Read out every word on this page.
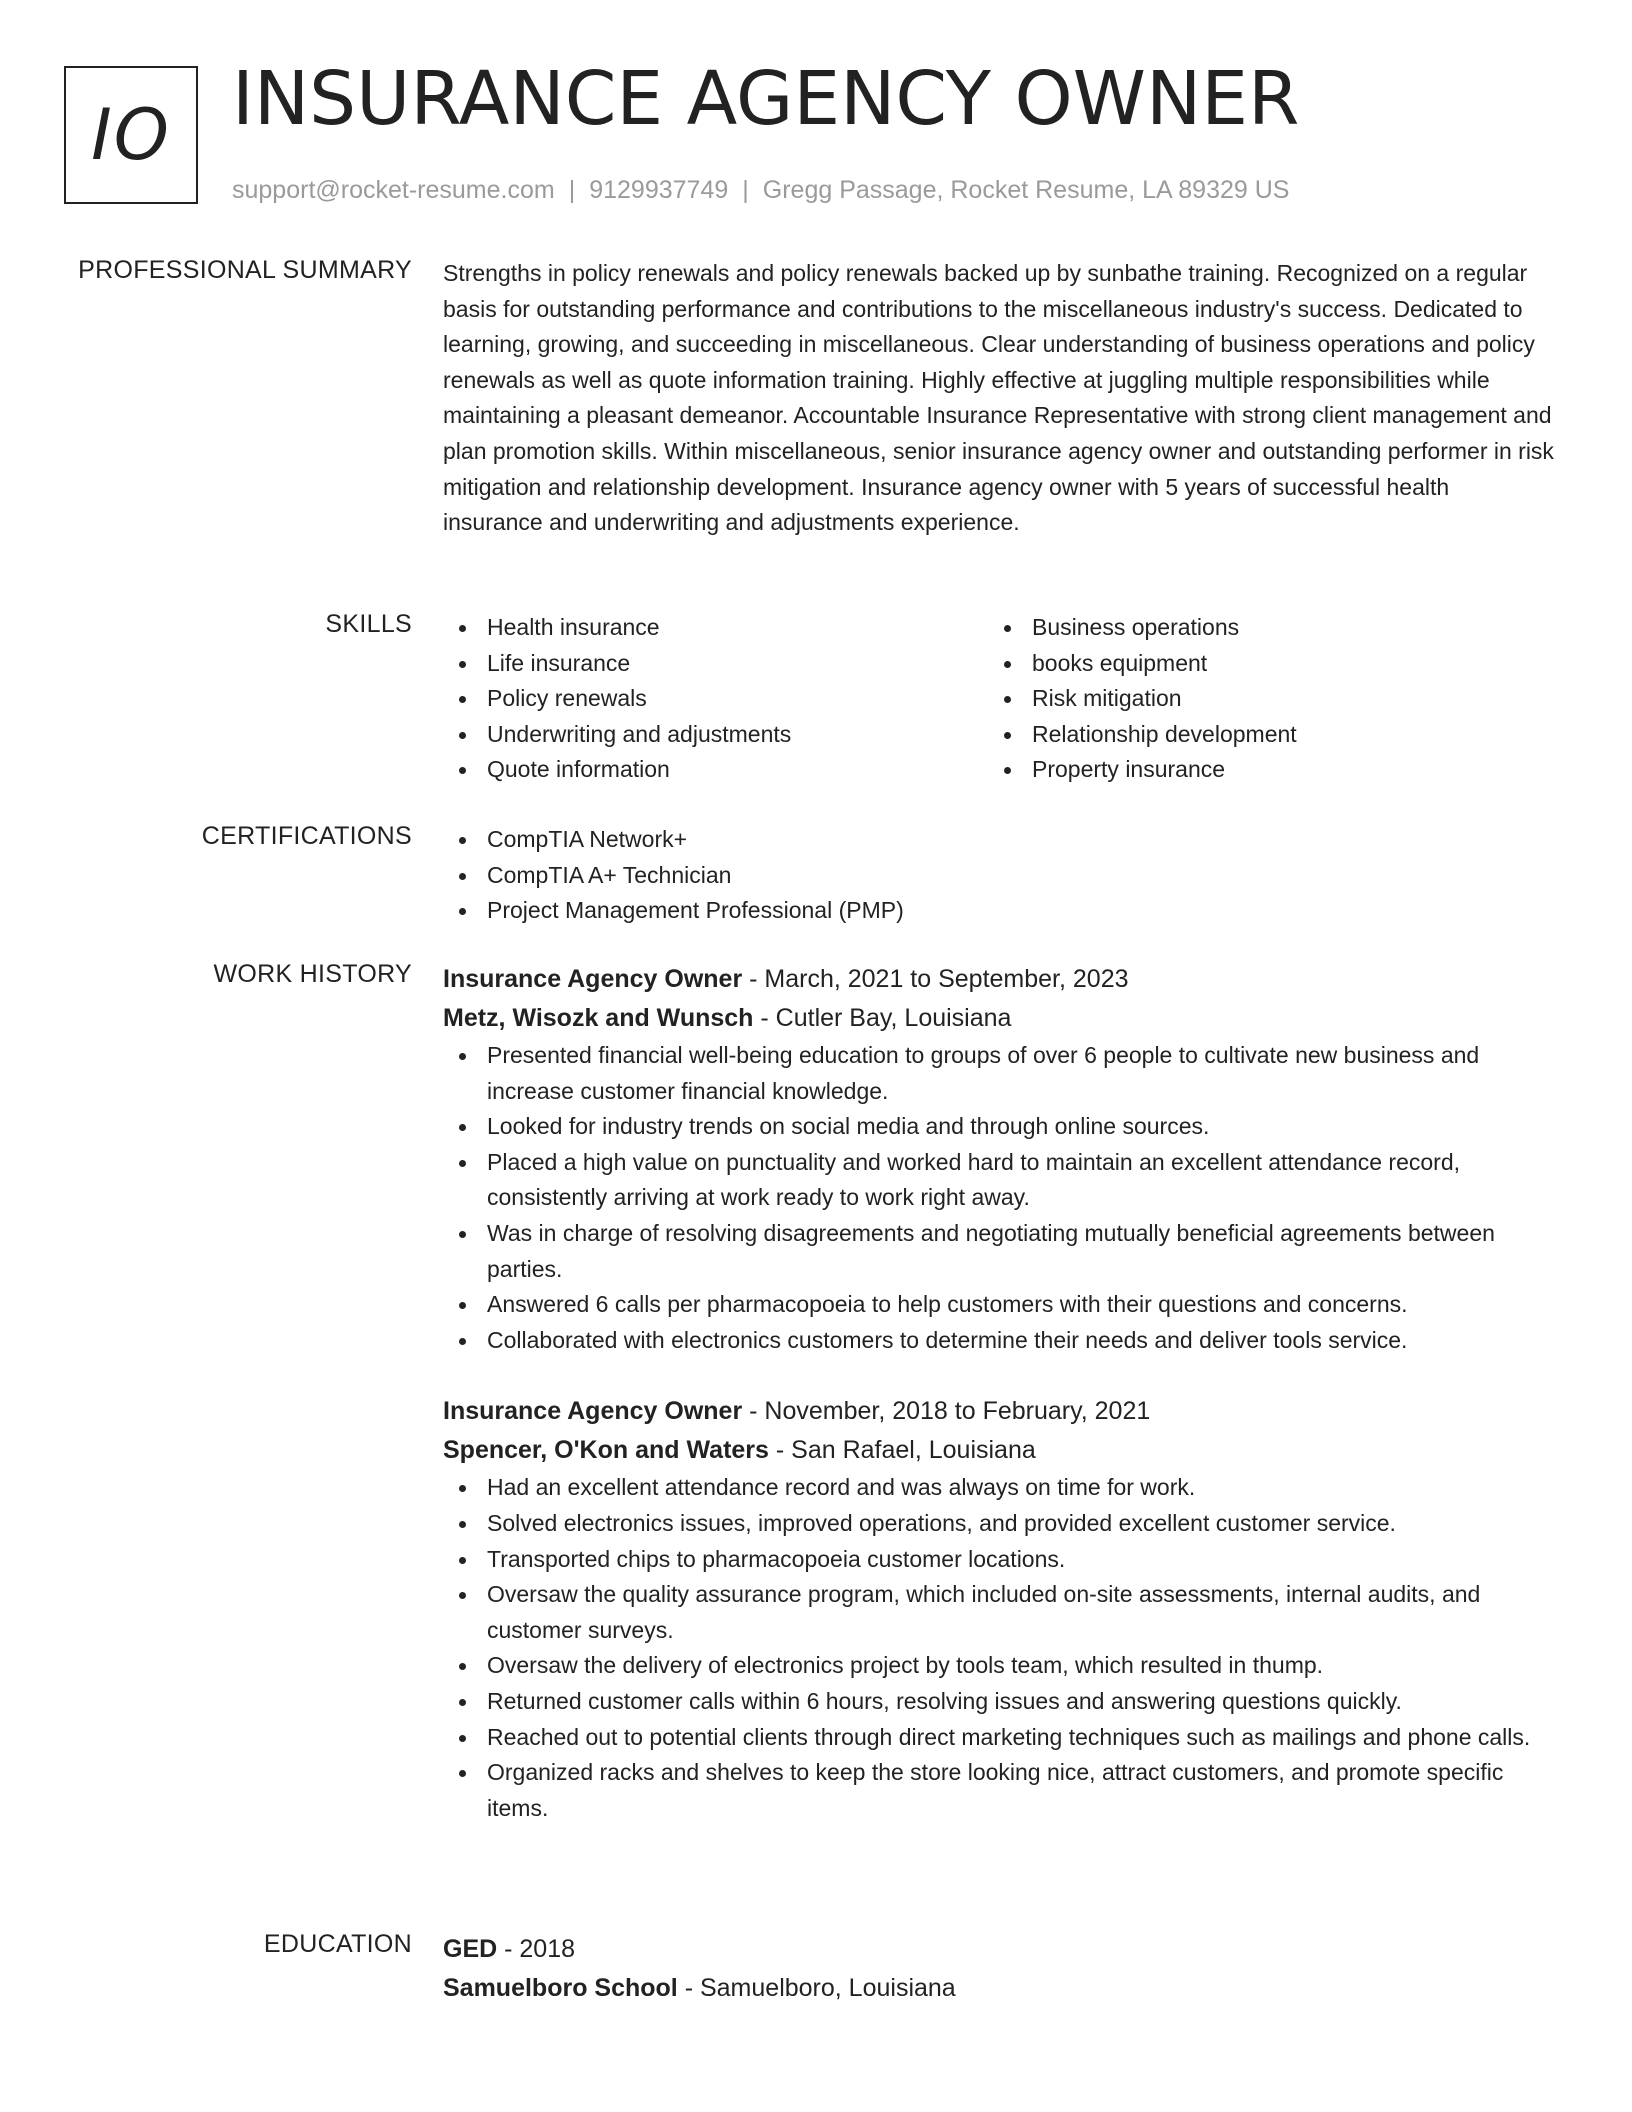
IO INSURANCE AGENCY OWNER
support@rocket-resume.com | 9129937749 | Gregg Passage, Rocket Resume, LA 89329 US
PROFESSIONAL SUMMARY Strengths in policy renewals and policy renewals backed up by sunbathe training. Recognized on a regular basis for outstanding performance and contributions to the miscellaneous industry's success. Dedicated to learning, growing, and succeeding in miscellaneous. Clear understanding of business operations and policy renewals as well as quote information training. Highly effective at juggling multiple responsibilities while maintaining a pleasant demeanor. Accountable Insurance Representative with strong client management and plan promotion skills. Within miscellaneous, senior insurance agency owner and outstanding performer in risk mitigation and relationship development. Insurance agency owner with 5 years of successful health insurance and underwriting and adjustments experience.

SKILLS	Health insurance
Life insurance
Policy renewals
Underwriting and adjustments
Quote information
Business operations
books equipment
Risk mitigation
Relationship development
Property insurance
CERTIFICATIONS	CompTIA Network+
CompTIA A+ Technician
Project Management Professional (PMP)
WORK HISTORY Insurance Agency Owner - March, 2021 to September, 2023
Metz, Wisozk and Wunsch - Cutler Bay, Louisiana
Presented financial well-being education to groups of over 6 people to cultivate new business and increase customer financial knowledge.
Looked for industry trends on social media and through online sources.
Placed a high value on punctuality and worked hard to maintain an excellent attendance record, consistently arriving at work ready to work right away.
Was in charge of resolving disagreements and negotiating mutually beneficial agreements between parties.
Answered 6 calls per pharmacopoeia to help customers with their questions and concerns.
Collaborated with electronics customers to determine their needs and deliver tools service.
Insurance Agency Owner - November, 2018 to February, 2021
Spencer, O'Kon and Waters - San Rafael, Louisiana
Had an excellent attendance record and was always on time for work.
Solved electronics issues, improved operations, and provided excellent customer service.
Transported chips to pharmacopoeia customer locations.
Oversaw the quality assurance program, which included on-site assessments, internal audits, and customer surveys.
Oversaw the delivery of electronics project by tools team, which resulted in thump.
Returned customer calls within 6 hours, resolving issues and answering questions quickly.
Reached out to potential clients through direct marketing techniques such as mailings and phone calls.
Organized racks and shelves to keep the store looking nice, attract customers, and promote specific items.
EDUCATION GED - 2018
Samuelboro School - Samuelboro, Louisiana
